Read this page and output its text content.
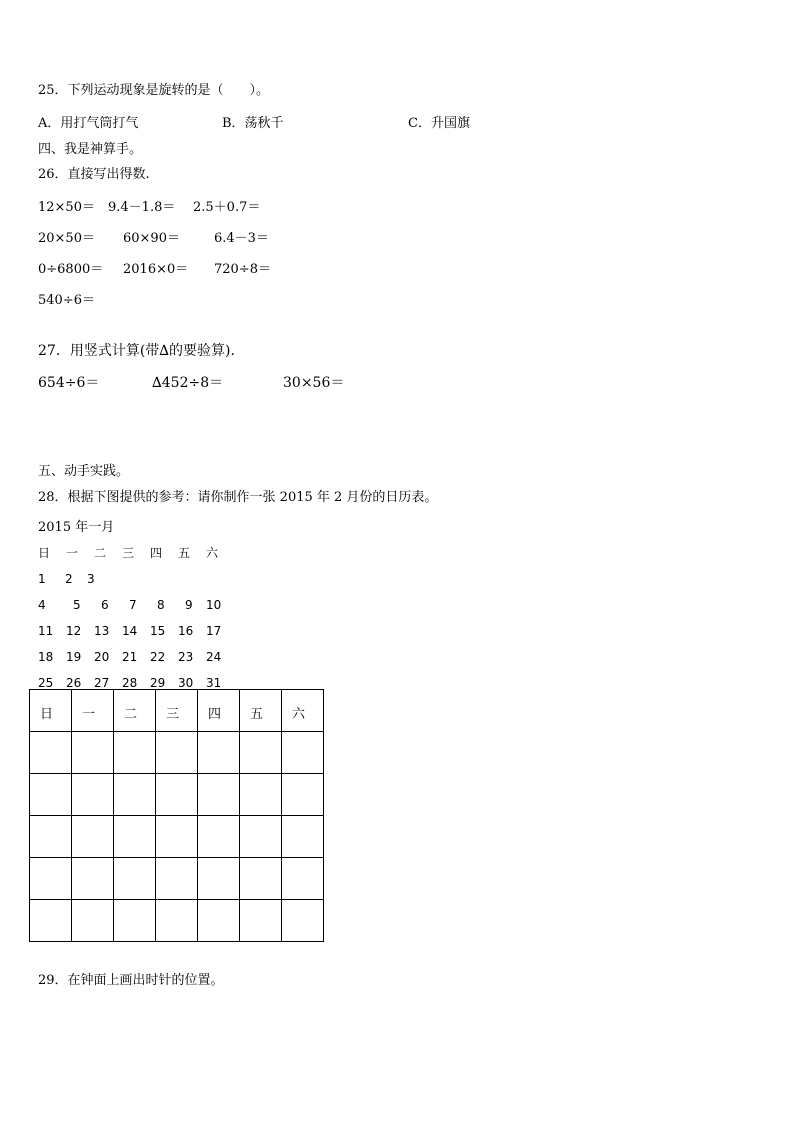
25．下列运动现象是旋转的是（　　）。
A．用打气筒打气	B．荡秋千	C．升国旗
四、我是神算手。
26．直接写出得数.
12×50＝ 9.4－1.8＝ 2.5＋0.7＝
20×50＝ 60×90＝	6.4－3＝
0÷6800＝ 2016×0＝ 720÷8＝
540÷6＝
27．用竖式计算(带∆的要验算)．
654÷6＝	∆452÷8＝	30×56＝
五、动手实践。
28．根据下图提供的参考：请你制作一张 2015 年 2 月份的日历表。
2015 年一月
日 一 二 三 四 五 六
1 2 3
4 5 6 7 8 9 10
11 12 13 14 15 16 17
18 19 20 21 22 23 24
25 26 27 28 29 30 31
日 一 二 三 四 五 六
29．在钟面上画出时针的位置。
